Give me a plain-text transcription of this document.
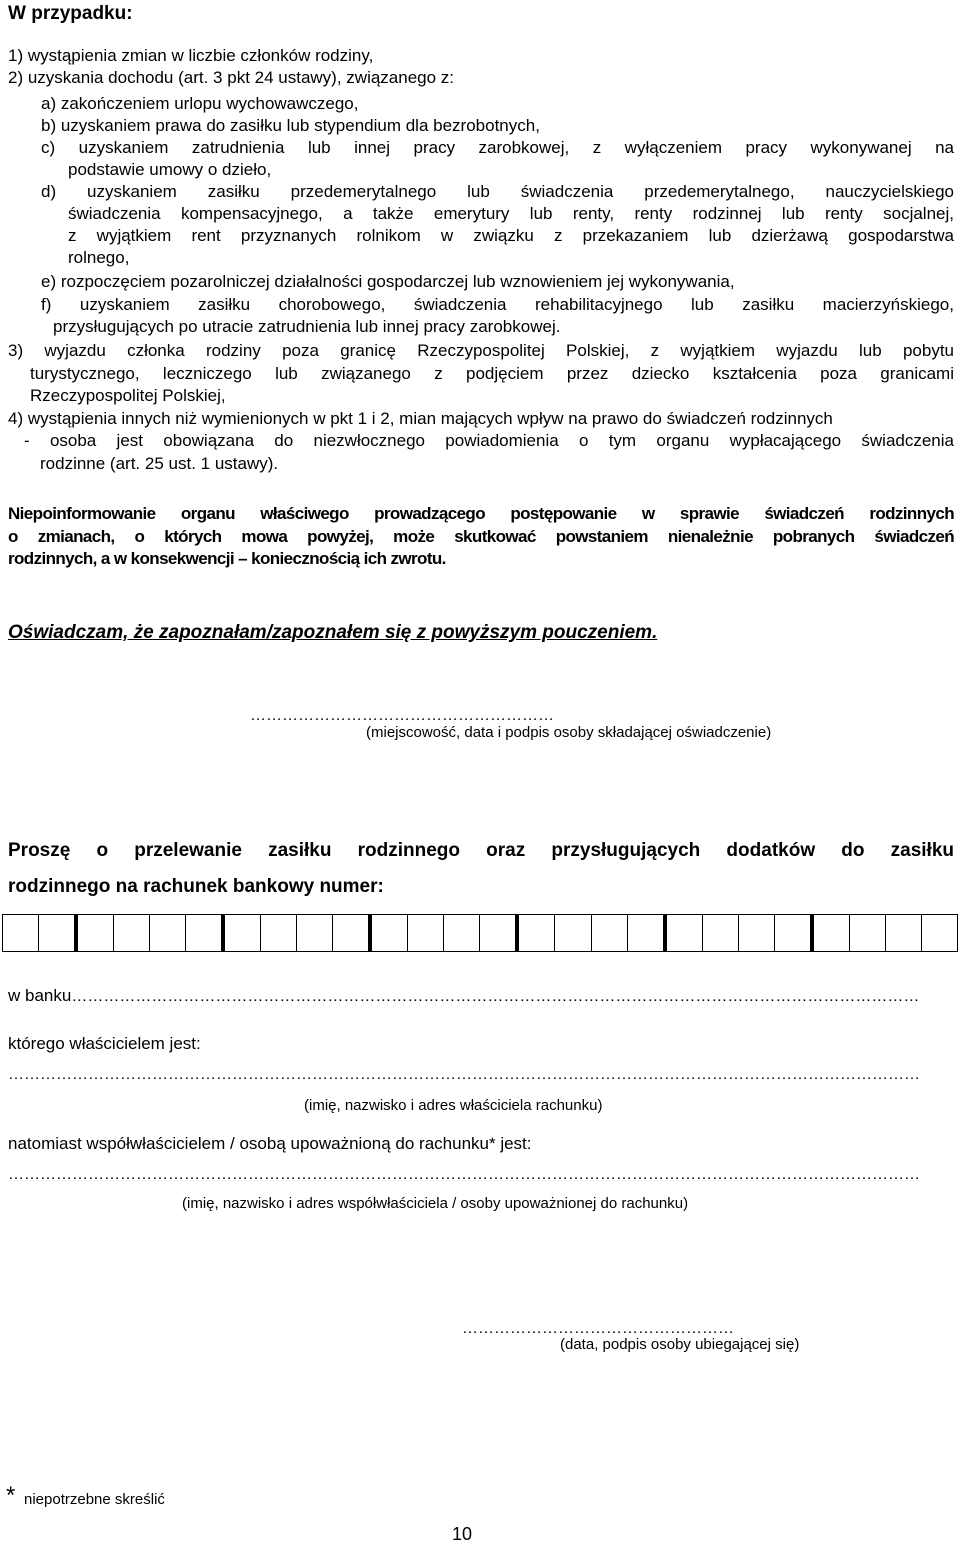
W przypadku:
1) wystąpienia zmian w liczbie członków rodziny,
2) uzyskania dochodu (art. 3 pkt 24 ustawy), związanego z:
a) zakończeniem urlopu wychowawczego,
b) uzyskaniem prawa do zasiłku lub stypendium dla bezrobotnych,
c) uzyskaniem zatrudnienia lub innej pracy zarobkowej, z wyłączeniem pracy wykonywanej na
podstawie umowy o dzieło,
d) uzyskaniem zasiłku przedemerytalnego lub świadczenia przedemerytalnego, nauczycielskiego
świadczenia kompensacyjnego, a także emerytury lub renty, renty rodzinnej lub renty socjalnej,
z wyjątkiem rent przyznanych rolnikom w związku z przekazaniem lub dzierżawą gospodarstwa
rolnego,
e) rozpoczęciem pozarolniczej działalności gospodarczej lub wznowieniem jej wykonywania,
f) uzyskaniem zasiłku chorobowego, świadczenia rehabilitacyjnego lub zasiłku macierzyńskiego,
przysługujących po utracie zatrudnienia lub innej pracy zarobkowej.
3) wyjazdu członka rodziny poza granicę Rzeczypospolitej Polskiej, z wyjątkiem wyjazdu lub pobytu
turystycznego, leczniczego lub związanego z podjęciem przez dziecko kształcenia poza granicami
Rzeczypospolitej Polskiej,
4) wystąpienia innych niż wymienionych w pkt 1 i 2, mian mających wpływ na prawo do świadczeń rodzinnych
- osoba jest obowiązana do niezwłocznego powiadomienia o tym organu wypłacającego świadczenia
rodzinne (art. 25 ust. 1 ustawy).
Niepoinformowanie organu właściwego prowadzącego postępowanie w sprawie świadczeń rodzinnych
o zmianach, o których mowa powyżej, może skutkować powstaniem nienależnie pobranych świadczeń
rodzinnych, a w konsekwencji – koniecznością ich zwrotu.
Oświadczam, że zapoznałam/zapoznałem się z powyższym pouczeniem.
…………………………………………………
(miejscowość, data i podpis osoby składającej oświadczenie)
Proszę o przelewanie zasiłku rodzinnego oraz przysługujących dodatków do zasiłku
rodzinnego na rachunek bankowy numer:
w banku……………………………………………………………………………………………………………………………………………
którego właścicielem jest:
………………………………………………………………………………………………………………………………………………………
(imię, nazwisko i adres właściciela rachunku)
natomiast współwłaścicielem / osobą upoważnioną do rachunku* jest:
………………………………………………………………………………………………………………………………………………………
(imię, nazwisko i adres współwłaściciela / osoby upoważnionej do rachunku)
……………………………………………
(data, podpis osoby ubiegającej się)
* niepotrzebne skreślić
10
